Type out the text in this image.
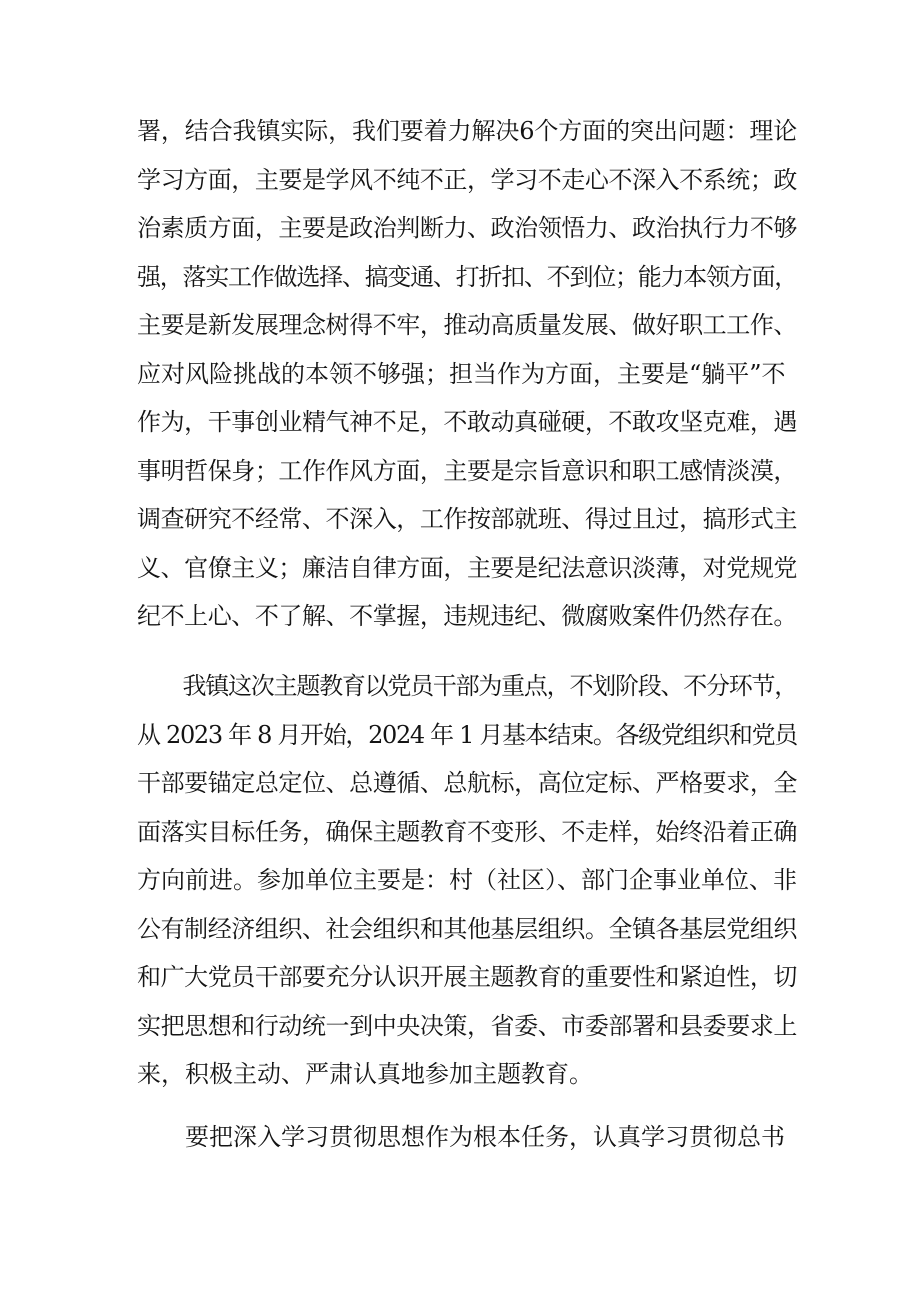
署，结合我镇实际，我们要着力解决6个方面的突出问题：理论
学习方面，主要是学风不纯不正，学习不走心不深入不系统；政
治素质方面，主要是政治判断力、政治领悟力、政治执行力不够
强，落实工作做选择、搞变通、打折扣、不到位；能力本领方面，
主要是新发展理念树得不牢，推动高质量发展、做好职工工作、
应对风险挑战的本领不够强；担当作为方面，主要是“躺平”不
作为，干事创业精气神不足，不敢动真碰硬，不敢攻坚克难，遇
事明哲保身；工作作风方面，主要是宗旨意识和职工感情淡漠，
调查研究不经常、不深入，工作按部就班、得过且过，搞形式主
义、官僚主义；廉洁自律方面，主要是纪法意识淡薄，对党规党
纪不上心、不了解、不掌握，违规违纪、微腐败案件仍然存在。
　　我镇这次主题教育以党员干部为重点，不划阶段、不分环节，
从 2023 年 8 月开始，2024 年 1 月基本结束。各级党组织和党员
干部要锚定总定位、总遵循、总航标，高位定标、严格要求，全
面落实目标任务，确保主题教育不变形、不走样，始终沿着正确
方向前进。参加单位主要是：村（社区）、部门企事业单位、非
公有制经济组织、社会组织和其他基层组织。全镇各基层党组织
和广大党员干部要充分认识开展主题教育的重要性和紧迫性，切
实把思想和行动统一到中央决策，省委、市委部署和县委要求上
来，积极主动、严肃认真地参加主题教育。
　　要把深入学习贯彻思想作为根本任务，认真学习贯彻总书
